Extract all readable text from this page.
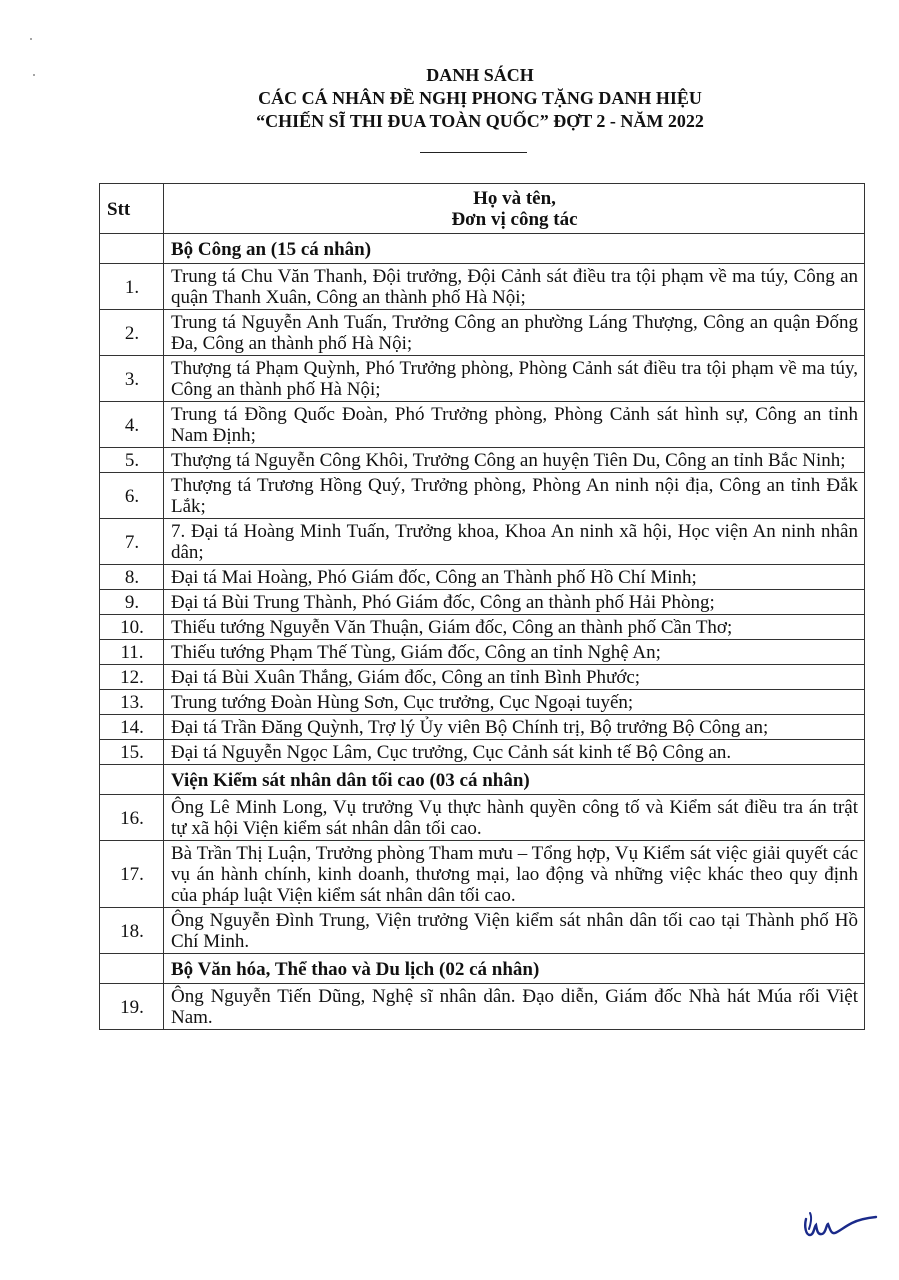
DANH SÁCH
CÁC CÁ NHÂN ĐỀ NGHỊ PHONG TẶNG DANH HIỆU
“CHIẾN SĨ THI ĐUA TOÀN QUỐC” ĐỢT 2 - NĂM 2022
Stt	Họ và tên,
Đơn vị công tác

	Bộ Công an (15 cá nhân)
1.	Trung tá Chu Văn Thanh, Đội trưởng, Đội Cảnh sát điều tra tội phạm về ma túy, Công an quận Thanh Xuân, Công an thành phố Hà Nội;
2.	Trung tá Nguyễn Anh Tuấn, Trưởng Công an phường Láng Thượng, Công an quận Đống Đa, Công an thành phố Hà Nội;
3.	Thượng tá Phạm Quỳnh, Phó Trưởng phòng, Phòng Cảnh sát điều tra tội phạm về ma túy, Công an thành phố Hà Nội;
4.	Trung tá Đồng Quốc Đoàn, Phó Trưởng phòng, Phòng Cảnh sát hình sự, Công an tỉnh Nam Định;
5.	Thượng tá Nguyễn Công Khôi, Trưởng Công an huyện Tiên Du, Công an tỉnh Bắc Ninh;
6.	Thượng tá Trương Hồng Quý, Trưởng phòng, Phòng An ninh nội địa, Công an tỉnh Đắk Lắk;
7.	7. Đại tá Hoàng Minh Tuấn, Trưởng khoa, Khoa An ninh xã hội, Học viện An ninh nhân dân;
8.	Đại tá Mai Hoàng, Phó Giám đốc, Công an Thành phố Hồ Chí Minh;
9.	Đại tá Bùi Trung Thành, Phó Giám đốc, Công an thành phố Hải Phòng;
10.	Thiếu tướng Nguyễn Văn Thuận, Giám đốc, Công an thành phố Cần Thơ;
11.	Thiếu tướng Phạm Thế Tùng, Giám đốc, Công an tỉnh Nghệ An;
12.	Đại tá Bùi Xuân Thắng, Giám đốc, Công an tỉnh Bình Phước;
13.	Trung tướng Đoàn Hùng Sơn, Cục trưởng, Cục Ngoại tuyến;
14.	Đại tá Trần Đăng Quỳnh, Trợ lý Ủy viên Bộ Chính trị, Bộ trưởng Bộ Công an;
15.	Đại tá Nguyễn Ngọc Lâm, Cục trưởng, Cục Cảnh sát kinh tế Bộ Công an.
	Viện Kiểm sát nhân dân tối cao (03 cá nhân)
16.	Ông Lê Minh Long, Vụ trưởng Vụ thực hành quyền công tố và Kiểm sát điều tra án trật tự xã hội Viện kiểm sát nhân dân tối cao.
17.	Bà Trần Thị Luận, Trưởng phòng Tham mưu – Tổng hợp, Vụ Kiểm sát việc giải quyết các vụ án hành chính, kinh doanh, thương mại, lao động và những việc khác theo quy định của pháp luật Viện kiểm sát nhân dân tối cao.
18.	Ông Nguyễn Đình Trung, Viện trưởng Viện kiểm sát nhân dân tối cao tại Thành phố Hồ Chí Minh.
	Bộ Văn hóa, Thể thao và Du lịch (02 cá nhân)
19.	Ông Nguyễn Tiến Dũng, Nghệ sĩ nhân dân. Đạo diễn, Giám đốc Nhà hát Múa rối Việt Nam.
